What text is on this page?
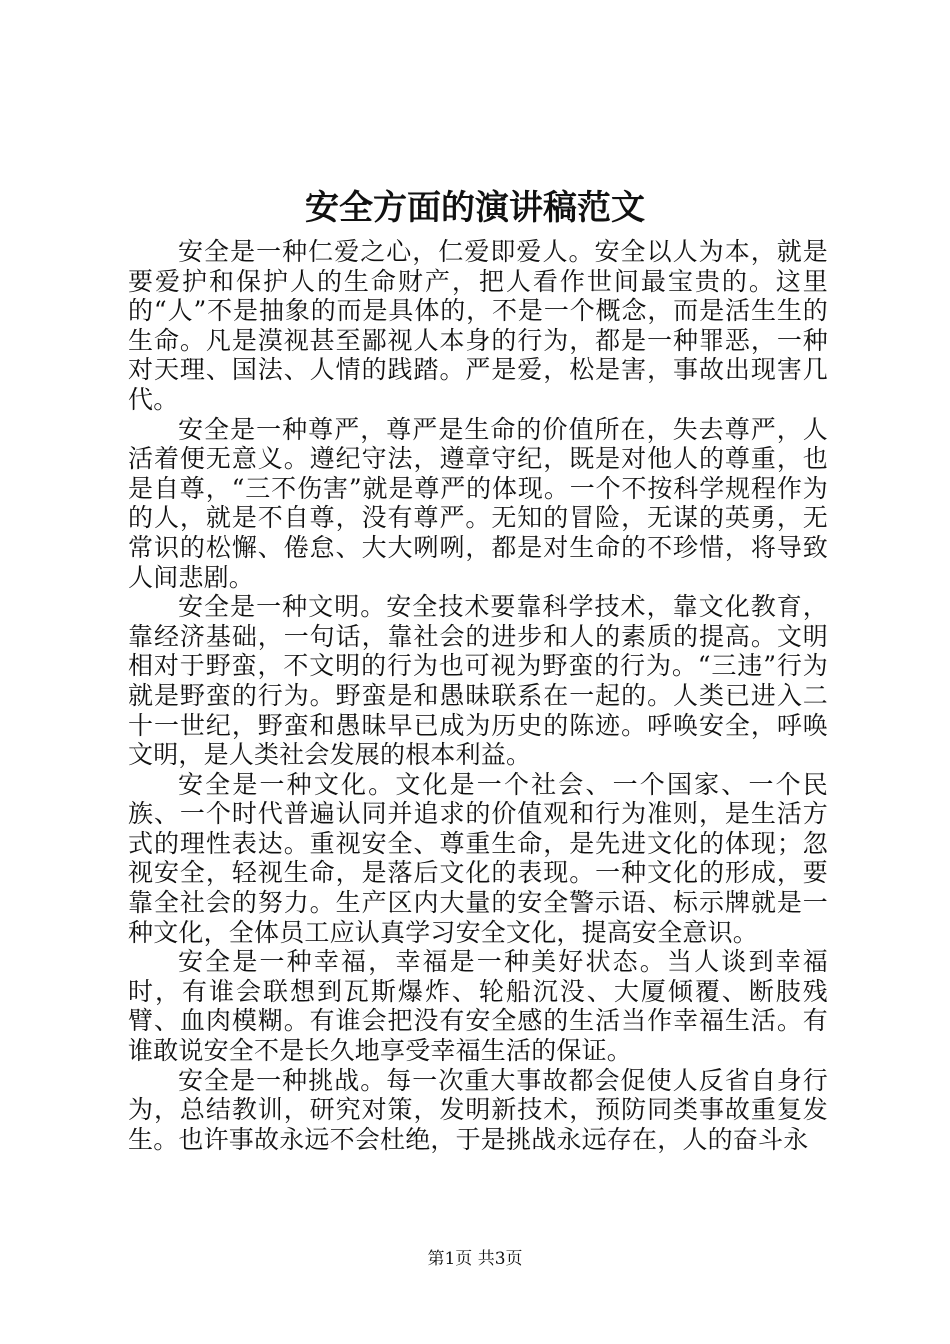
安全方面的演讲稿范文

安全是一种仁爱之心，仁爱即爱人。安全以人为本，就是要爱护和保护人的生命财产，把人看作世间最宝贵的。这里的“人”不是抽象的而是具体的，不是一个概念，而是活生生的生命。凡是漠视甚至鄙视人本身的行为，都是一种罪恶，一种对天理、国法、人情的践踏。严是爱，松是害，事故出现害几代。

安全是一种尊严，尊严是生命的价值所在，失去尊严，人活着便无意义。遵纪守法，遵章守纪，既是对他人的尊重，也是自尊，“三不伤害”就是尊严的体现。一个不按科学规程作为的人，就是不自尊，没有尊严。无知的冒险，无谋的英勇，无常识的松懈、倦怠、大大咧咧，都是对生命的不珍惜，将导致人间悲剧。

安全是一种文明。安全技术要靠科学技术，靠文化教育，靠经济基础，一句话，靠社会的进步和人的素质的提高。文明相对于野蛮，不文明的行为也可视为野蛮的行为。“三违”行为就是野蛮的行为。野蛮是和愚昧联系在一起的。人类已进入二十一世纪，野蛮和愚昧早已成为历史的陈迹。呼唤安全，呼唤文明，是人类社会发展的根本利益。

安全是一种文化。文化是一个社会、一个国家、一个民族、一个时代普遍认同并追求的价值观和行为准则，是生活方式的理性表达。重视安全、尊重生命，是先进文化的体现；忽视安全，轻视生命，是落后文化的表现。一种文化的形成，要靠全社会的努力。生产区内大量的安全警示语、标示牌就是一种文化，全体员工应认真学习安全文化，提高安全意识。

安全是一种幸福，幸福是一种美好状态。当人谈到幸福时，有谁会联想到瓦斯爆炸、轮船沉没、大厦倾覆、断肢残臂、血肉模糊。有谁会把没有安全感的生活当作幸福生活。有谁敢说安全不是长久地享受幸福生活的保证。

安全是一种挑战。每一次重大事故都会促使人反省自身行为，总结教训，研究对策，发明新技术，预防同类事故重复发生。也许事故永远不会杜绝，于是挑战永远存在，人的奋斗永

第1页 共3页
